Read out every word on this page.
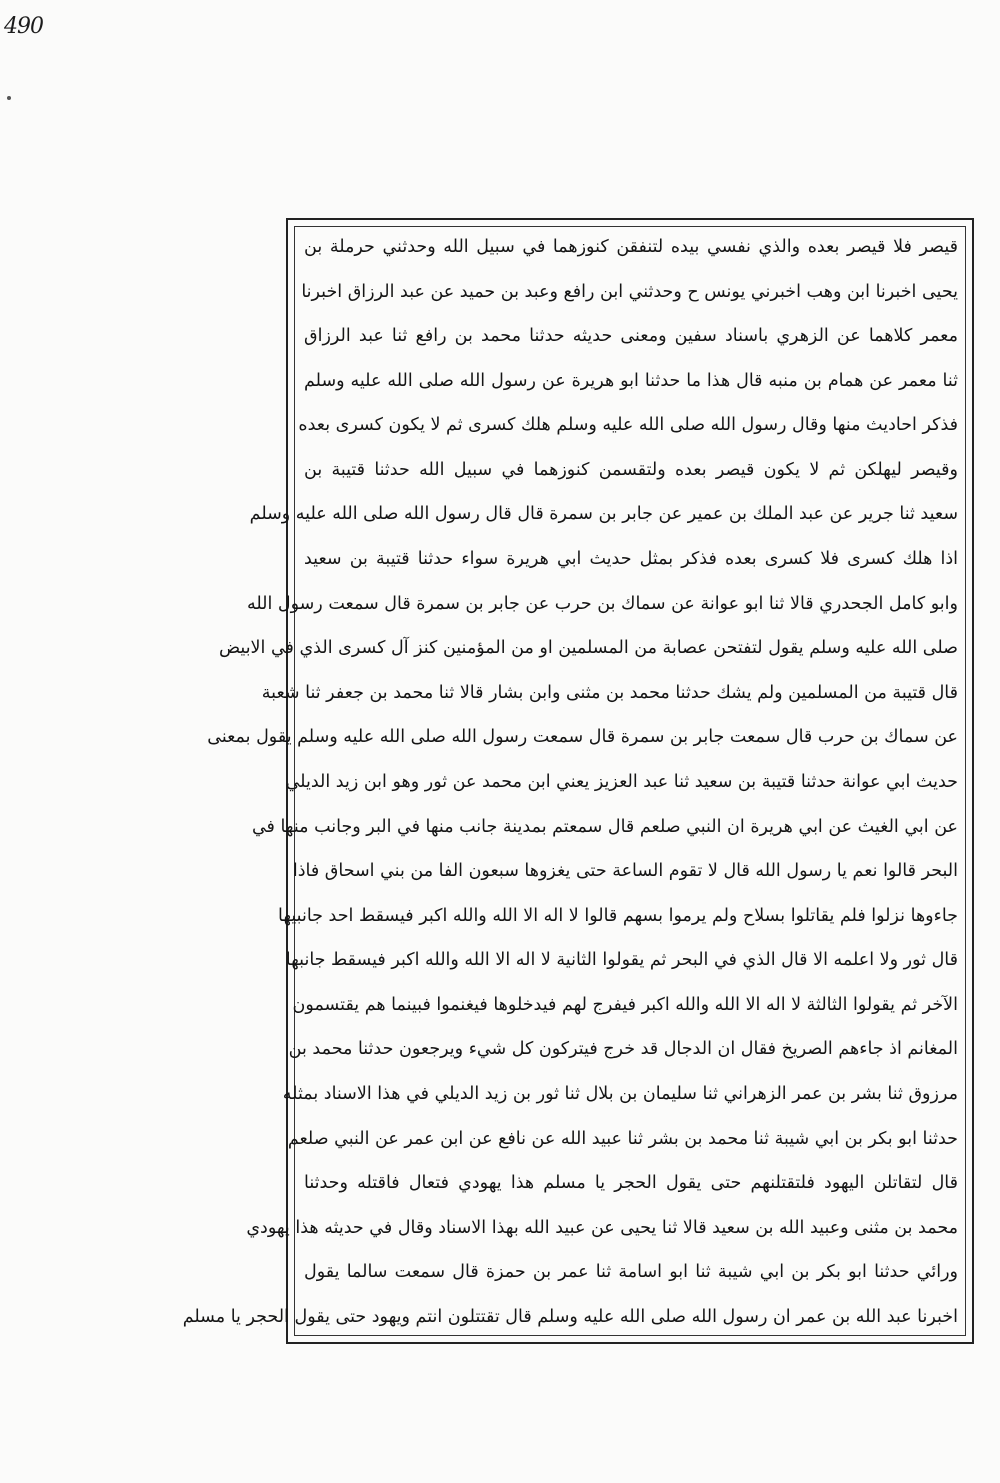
490
قيصر فلا قيصر بعده والذي نفسي بيده لتنفقن كنوزهما في سبيل الله وحدثني حرملة بن
يحيى اخبرنا ابن وهب اخبرني يونس ح وحدثني ابن رافع وعبد بن حميد عن عبد الرزاق اخبرنا
معمر كلاهما عن الزهري باسناد سفين ومعنى حديثه حدثنا محمد بن رافع ثنا عبد الرزاق
ثنا معمر عن همام بن منبه قال هذا ما حدثنا ابو هريرة عن رسول الله صلى الله عليه وسلم
فذكر احاديث منها وقال رسول الله صلى الله عليه وسلم هلك كسرى ثم لا يكون كسرى بعده
وقيصر ليهلكن ثم لا يكون قيصر بعده ولتقسمن كنوزهما في سبيل الله حدثنا قتيبة بن
سعيد ثنا جرير عن عبد الملك بن عمير عن جابر بن سمرة قال قال رسول الله صلى الله عليه وسلم
اذا هلك كسرى فلا كسرى بعده فذكر بمثل حديث ابي هريرة سواء حدثنا قتيبة بن سعيد
وابو كامل الجحدري قالا ثنا ابو عوانة عن سماك بن حرب عن جابر بن سمرة قال سمعت رسول الله
صلى الله عليه وسلم يقول لتفتحن عصابة من المسلمين او من المؤمنين كنز آل كسرى الذي في الابيض
قال قتيبة من المسلمين ولم يشك حدثنا محمد بن مثنى وابن بشار قالا ثنا محمد بن جعفر ثنا شعبة
عن سماك بن حرب قال سمعت جابر بن سمرة قال سمعت رسول الله صلى الله عليه وسلم يقول بمعنى
حديث ابي عوانة حدثنا قتيبة بن سعيد ثنا عبد العزيز يعني ابن محمد عن ثور وهو ابن زيد الديلي
عن ابي الغيث عن ابي هريرة ان النبي صلعم قال سمعتم بمدينة جانب منها في البر وجانب منها في
البحر قالوا نعم يا رسول الله قال لا تقوم الساعة حتى يغزوها سبعون الفا من بني اسحاق فاذا
جاءوها نزلوا فلم يقاتلوا بسلاح ولم يرموا بسهم قالوا لا اله الا الله والله اكبر فيسقط احد جانبيها
قال ثور ولا اعلمه الا قال الذي في البحر ثم يقولوا الثانية لا اله الا الله والله اكبر فيسقط جانبها
الآخر ثم يقولوا الثالثة لا اله الا الله والله اكبر فيفرج لهم فيدخلوها فيغنموا فبينما هم يقتسمون
المغانم اذ جاءهم الصريخ فقال ان الدجال قد خرج فيتركون كل شيء ويرجعون حدثنا محمد بن
مرزوق ثنا بشر بن عمر الزهراني ثنا سليمان بن بلال ثنا ثور بن زيد الديلي في هذا الاسناد بمثله
حدثنا ابو بكر بن ابي شيبة ثنا محمد بن بشر ثنا عبيد الله عن نافع عن ابن عمر عن النبي صلعم
قال لتقاتلن اليهود فلتقتلنهم حتى يقول الحجر يا مسلم هذا يهودي فتعال فاقتله وحدثنا
محمد بن مثنى وعبيد الله بن سعيد قالا ثنا يحيى عن عبيد الله بهذا الاسناد وقال في حديثه هذا يهودي
ورائي حدثنا ابو بكر بن ابي شيبة ثنا ابو اسامة ثنا عمر بن حمزة قال سمعت سالما يقول
اخبرنا عبد الله بن عمر ان رسول الله صلى الله عليه وسلم قال تقتتلون انتم ويهود حتى يقول الحجر يا مسلم
